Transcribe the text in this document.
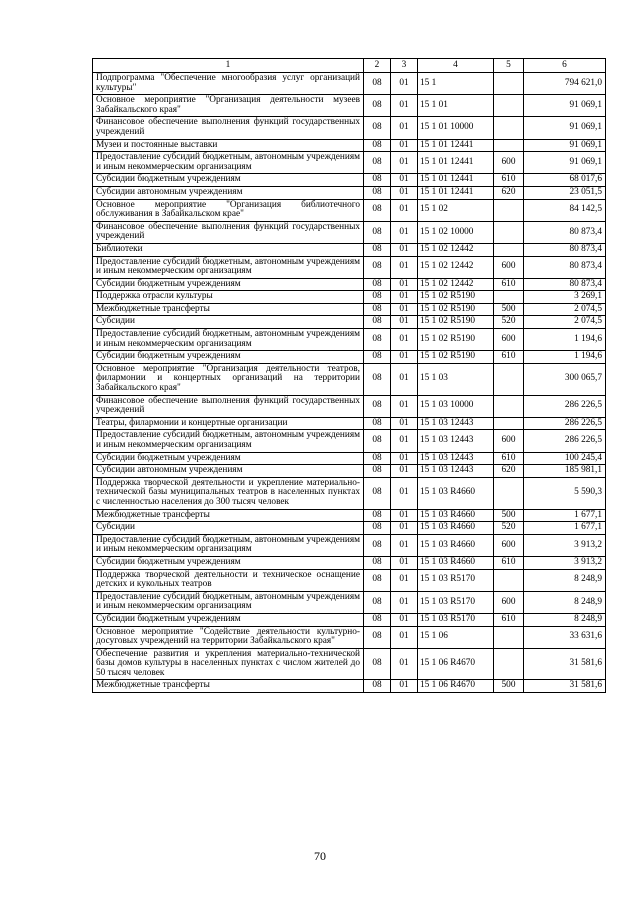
1	2	3	4	5	6
Подпрограмма "Обеспечение многообразия услуг организаций культуры"	08	01	15 1		794 621,0
Основное мероприятие "Организация деятельности музеев Забайкальского края"	08	01	15 1 01		91 069,1
Финансовое обеспечение выполнения функций государственных учреждений	08	01	15 1 01 10000		91 069,1
Музеи и постоянные выставки	08	01	15 1 01 12441		91 069,1
Предоставление субсидий бюджетным, автономным учреждениям и иным некоммерческим организациям	08	01	15 1 01 12441	600	91 069,1
Субсидии бюджетным учреждениям	08	01	15 1 01 12441	610	68 017,6
Субсидии автономным учреждениям	08	01	15 1 01 12441	620	23 051,5
Основное мероприятие "Организация библиотечного обслуживания в Забайкальском крае"	08	01	15 1 02		84 142,5
Финансовое обеспечение выполнения функций государственных учреждений	08	01	15 1 02 10000		80 873,4
Библиотеки	08	01	15 1 02 12442		80 873,4
Предоставление субсидий бюджетным, автономным учреждениям и иным некоммерческим организациям	08	01	15 1 02 12442	600	80 873,4
Субсидии бюджетным учреждениям	08	01	15 1 02 12442	610	80 873,4
Поддержка отрасли культуры	08	01	15 1 02 R5190		3 269,1
Межбюджетные трансферты	08	01	15 1 02 R5190	500	2 074,5
Субсидии	08	01	15 1 02 R5190	520	2 074,5
Предоставление субсидий бюджетным, автономным учреждениям и иным некоммерческим организациям	08	01	15 1 02 R5190	600	1 194,6
Субсидии бюджетным учреждениям	08	01	15 1 02 R5190	610	1 194,6
Основное мероприятие "Организация деятельности театров, филармонии и концертных организаций на территории Забайкальского края"	08	01	15 1 03		300 065,7
Финансовое обеспечение выполнения функций государственных учреждений	08	01	15 1 03 10000		286 226,5
Театры, филармонии и концертные организации	08	01	15 1 03 12443		286 226,5
Предоставление субсидий бюджетным, автономным учреждениям и иным некоммерческим организациям	08	01	15 1 03 12443	600	286 226,5
Субсидии бюджетным учреждениям	08	01	15 1 03 12443	610	100 245,4
Субсидии автономным учреждениям	08	01	15 1 03 12443	620	185 981,1
Поддержка творческой деятельности и укрепление материально-технической базы муниципальных театров в населенных пунктах с численностью населения до 300 тысяч человек	08	01	15 1 03 R4660		5 590,3
Межбюджетные трансферты	08	01	15 1 03 R4660	500	1 677,1
Субсидии	08	01	15 1 03 R4660	520	1 677,1
Предоставление субсидий бюджетным, автономным учреждениям и иным некоммерческим организациям	08	01	15 1 03 R4660	600	3 913,2
Субсидии бюджетным учреждениям	08	01	15 1 03 R4660	610	3 913,2
Поддержка творческой деятельности и техническое оснащение детских и кукольных театров	08	01	15 1 03 R5170		8 248,9
Предоставление субсидий бюджетным, автономным учреждениям и иным некоммерческим организациям	08	01	15 1 03 R5170	600	8 248,9
Субсидии бюджетным учреждениям	08	01	15 1 03 R5170	610	8 248,9
Основное мероприятие "Содействие деятельности культурно-досуговых учреждений на территории Забайкальского края"	08	01	15 1 06		33 631,6
Обеспечение развития и укрепления материально-технической базы домов культуры в населенных пунктах с числом жителей до 50 тысяч человек	08	01	15 1 06 R4670		31 581,6
Межбюджетные трансферты	08	01	15 1 06 R4670	500	31 581,6
70
